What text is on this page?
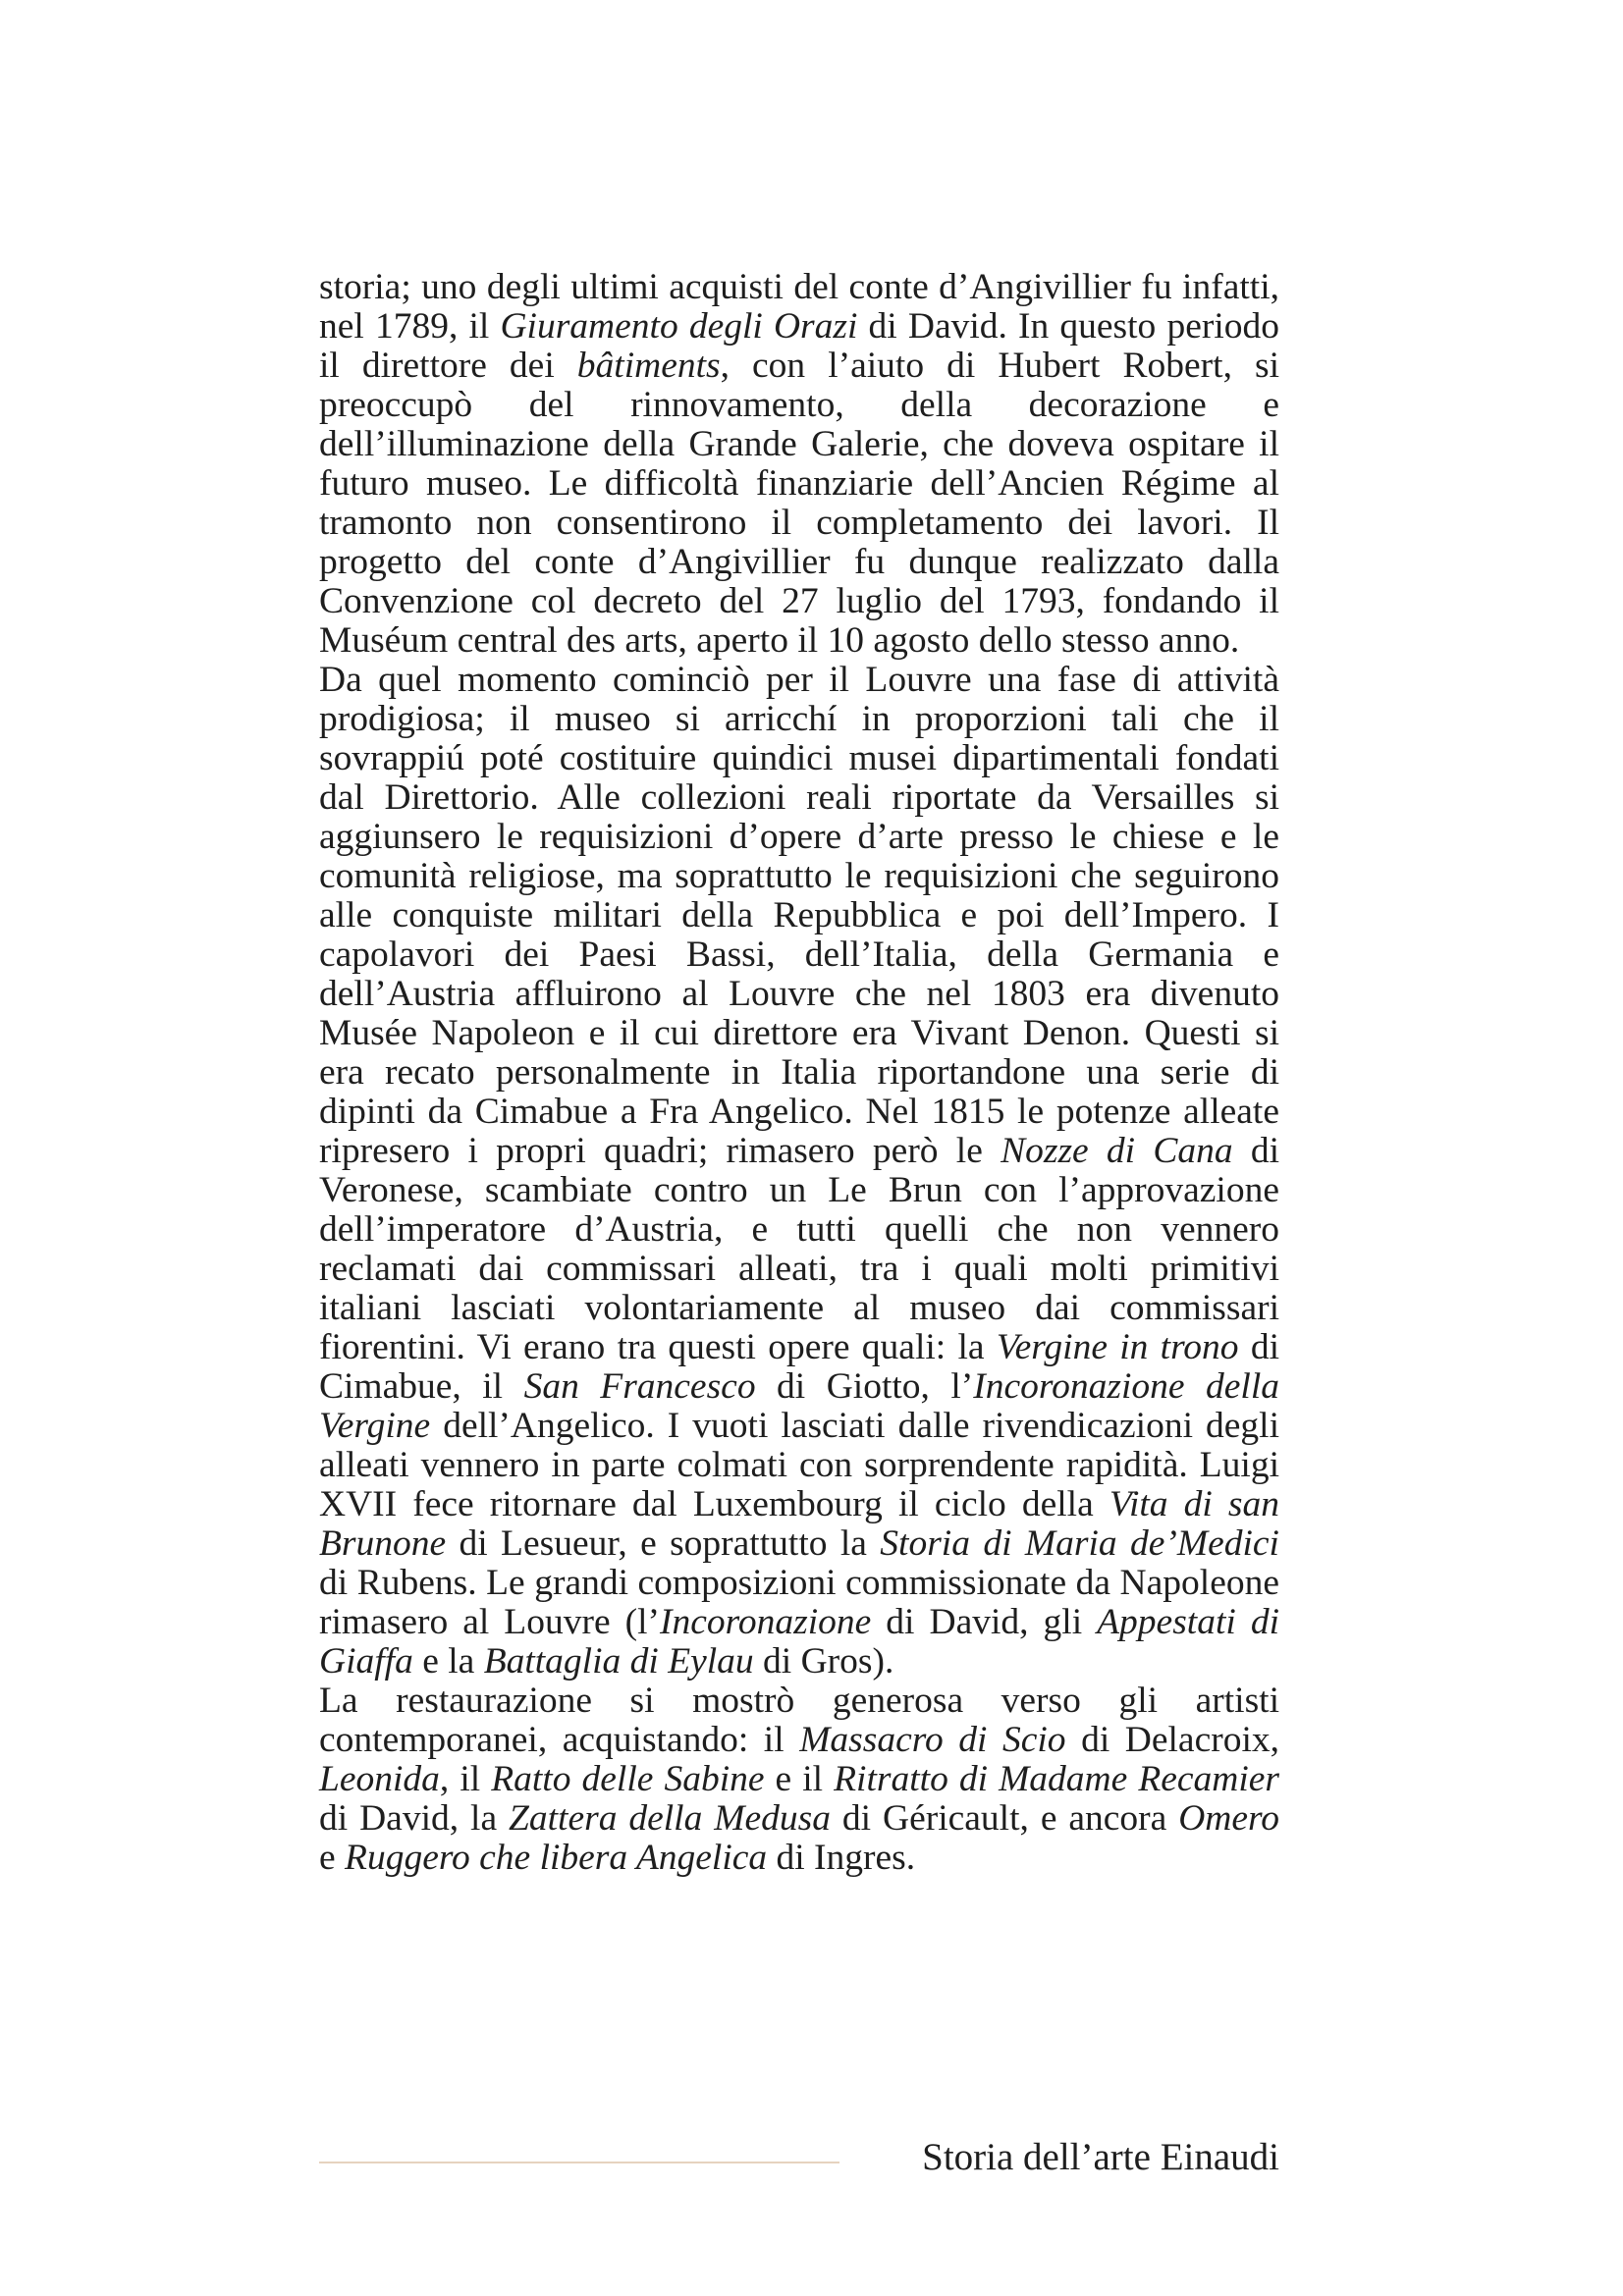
storia; uno degli ultimi acquisti del conte d’Angivillier fu infatti, nel 1789, il Giuramento degli Orazi di David. In questo periodo il direttore dei bâtiments, con l’aiuto di Hubert Robert, si preoccupò del rinnovamento, della decorazione e dell’illuminazione della Grande Galerie, che doveva ospitare il futuro museo. Le difficoltà finanziarie dell’Ancien Régime al tramonto non consentirono il completamento dei lavori. Il progetto del conte d’Angivillier fu dunque realizzato dalla Convenzione col decreto del 27 luglio del 1793, fondando il Muséum central des arts, aperto il 10 agosto dello stesso anno.

Da quel momento cominciò per il Louvre una fase di attività prodigiosa; il museo si arricchí in proporzioni tali che il sovrappiú poté costituire quindici musei dipartimentali fondati dal Direttorio. Alle collezioni reali riportate da Versailles si aggiunsero le requisizioni d’opere d’arte presso le chiese e le comunità religiose, ma soprattutto le requisizioni che seguirono alle conquiste militari della Repubblica e poi dell’Impero. I capolavori dei Paesi Bassi, dell’Italia, della Germania e dell’Austria affluirono al Louvre che nel 1803 era divenuto Musée Napoleon e il cui direttore era Vivant Denon. Questi si era recato personalmente in Italia riportandone una serie di dipinti da Cimabue a Fra Angelico. Nel 1815 le potenze alleate ripresero i propri quadri; rimasero però le Nozze di Cana di Veronese, scambiate contro un Le Brun con l’approvazione dell’imperatore d’Austria, e tutti quelli che non vennero reclamati dai commissari alleati, tra i quali molti primitivi italiani lasciati volontariamente al museo dai commissari fiorentini. Vi erano tra questi opere quali: la Vergine in trono di Cimabue, il San Francesco di Giotto, l’Incoronazione della Vergine dell’Angelico. I vuoti lasciati dalle rivendicazioni degli alleati vennero in parte colmati con sorprendente rapidità. Luigi XVII fece ritornare dal Luxembourg il ciclo della Vita di san Brunone di Lesueur, e soprattutto la Storia di Maria de’Medici di Rubens. Le grandi composizioni commissionate da Napoleone rimasero al Louvre (l’Incoronazione di David, gli Appestati di Giaffa e la Battaglia di Eylau di Gros).

La restaurazione si mostrò generosa verso gli artisti contemporanei, acquistando: il Massacro di Scio di Delacroix, Leonida, il Ratto delle Sabine e il Ritratto di Madame Recamier di David, la Zattera della Medusa di Géricault, e ancora Omero e Ruggero che libera Angelica di Ingres.

Storia dell’arte Einaudi
